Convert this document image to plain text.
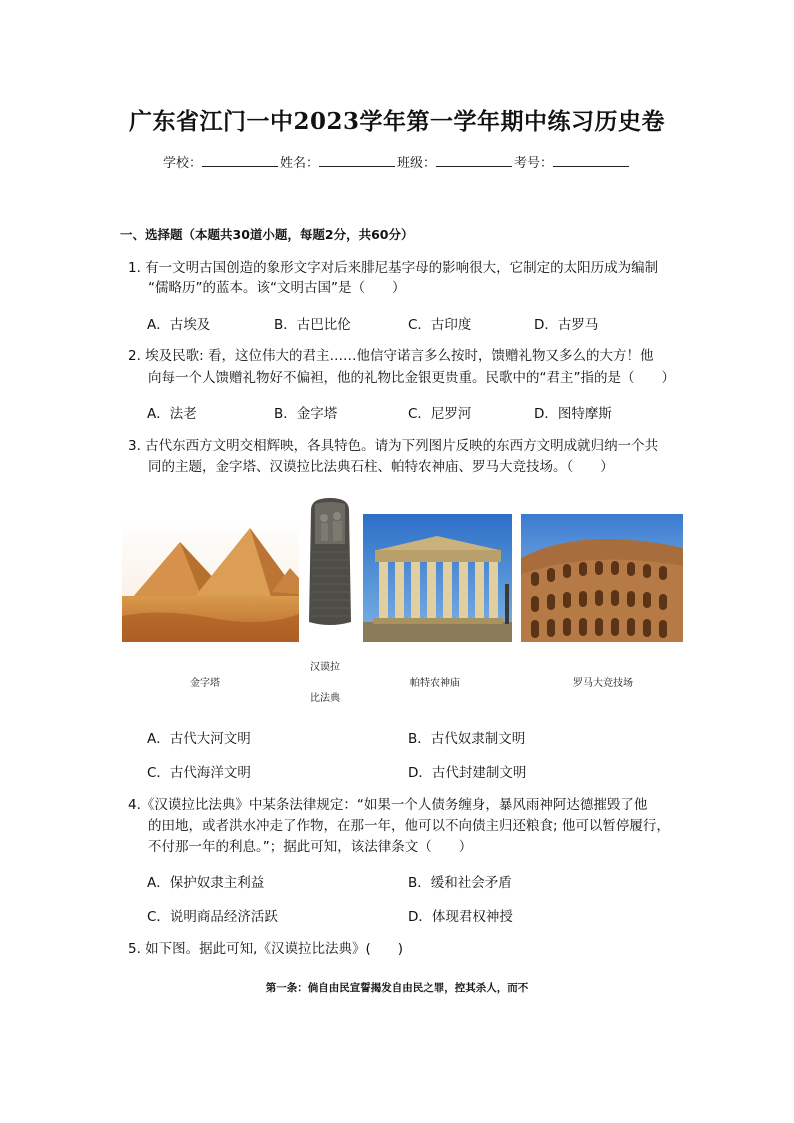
广东省江门一中2023学年第一学年期中练习历史卷
学校：	姓名：	班级：	考号：
一、选择题（本题共30道小题，每题2分，共60分）
1. 有一文明古国创造的象形文字对后来腓尼基字母的影响很大，它制定的太阳历成为编制
“儒略历”的蓝本。该“文明古国”是（　　）
A．古埃及	B．古巴比伦	C．古印度	D．古罗马
2. 埃及民歌: 看，这位伟大的君主……他信守诺言多么按时，馈赠礼物又多么的大方！他
向每一个人馈赠礼物好不偏袒，他的礼物比金银更贵重。民歌中的“君主”指的是（　　）
A．法老	B．金字塔	C．尼罗河	D．图特摩斯
3. 古代东西方文明交相辉映，各具特色。请为下列图片反映的东西方文明成就归纳一个共
同的主题，金字塔、汉谟拉比法典石柱、帕特农神庙、罗马大竞技场。（　　）
金字塔
汉谟拉
比法典
帕特农神庙	罗马大竞技场
A．古代大河文明	B．古代奴隶制文明
C．古代海洋文明	D．古代封建制文明
4.《汉谟拉比法典》中某条法律规定：“如果一个人债务缠身，暴风雨神阿达德摧毁了他
的田地，或者洪水冲走了作物，在那一年，他可以不向债主归还粮食; 他可以暂停履行，
不付那一年的利息。”；据此可知，该法律条文（　　）
A．保护奴隶主利益	B．缓和社会矛盾
C．说明商品经济活跃	D．体现君权神授
5. 如下图。据此可知,《汉谟拉比法典》(　　)
第一条：倘自由民宣誓揭发自由民之罪，控其杀人，而不
